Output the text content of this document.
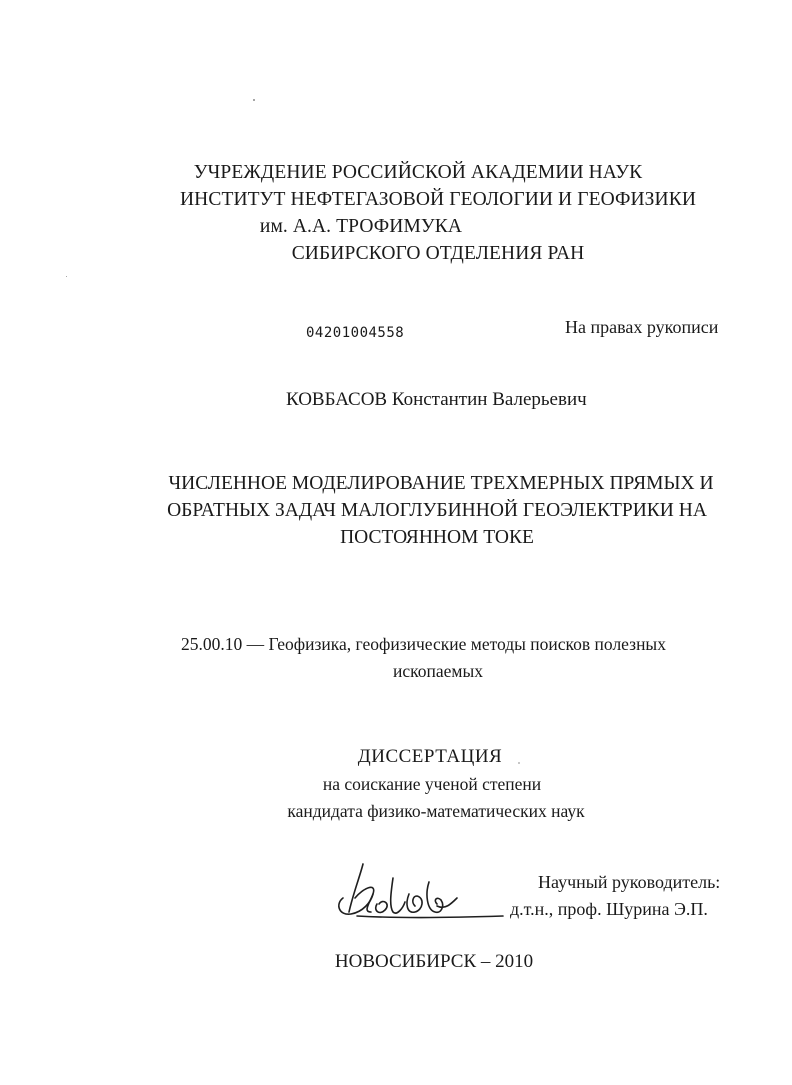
УЧРЕЖДЕНИЕ РОССИЙСКОЙ АКАДЕМИИ НАУК
ИНСТИТУТ НЕФТЕГАЗОВОЙ ГЕОЛОГИИ И ГЕОФИЗИКИ
им. А.А. ТРОФИМУКА
СИБИРСКОГО ОТДЕЛЕНИЯ РАН
04201004558	На правах рукописи
КОВБАСОВ Константин Валерьевич
ЧИСЛЕННОЕ МОДЕЛИРОВАНИЕ ТРЕХМЕРНЫХ ПРЯМЫХ И
ОБРАТНЫХ ЗАДАЧ МАЛОГЛУБИННОЙ ГЕОЭЛЕКТРИКИ НА
ПОСТОЯННОМ ТОКЕ
25.00.10 — Геофизика, геофизические методы поисков полезных
ископаемых
ДИССЕРТАЦИЯ
на соискание ученой степени
кандидата физико-математических наук
Научный руководитель:
д.т.н., проф. Шурина Э.П.
НОВОСИБИРСК – 2010
